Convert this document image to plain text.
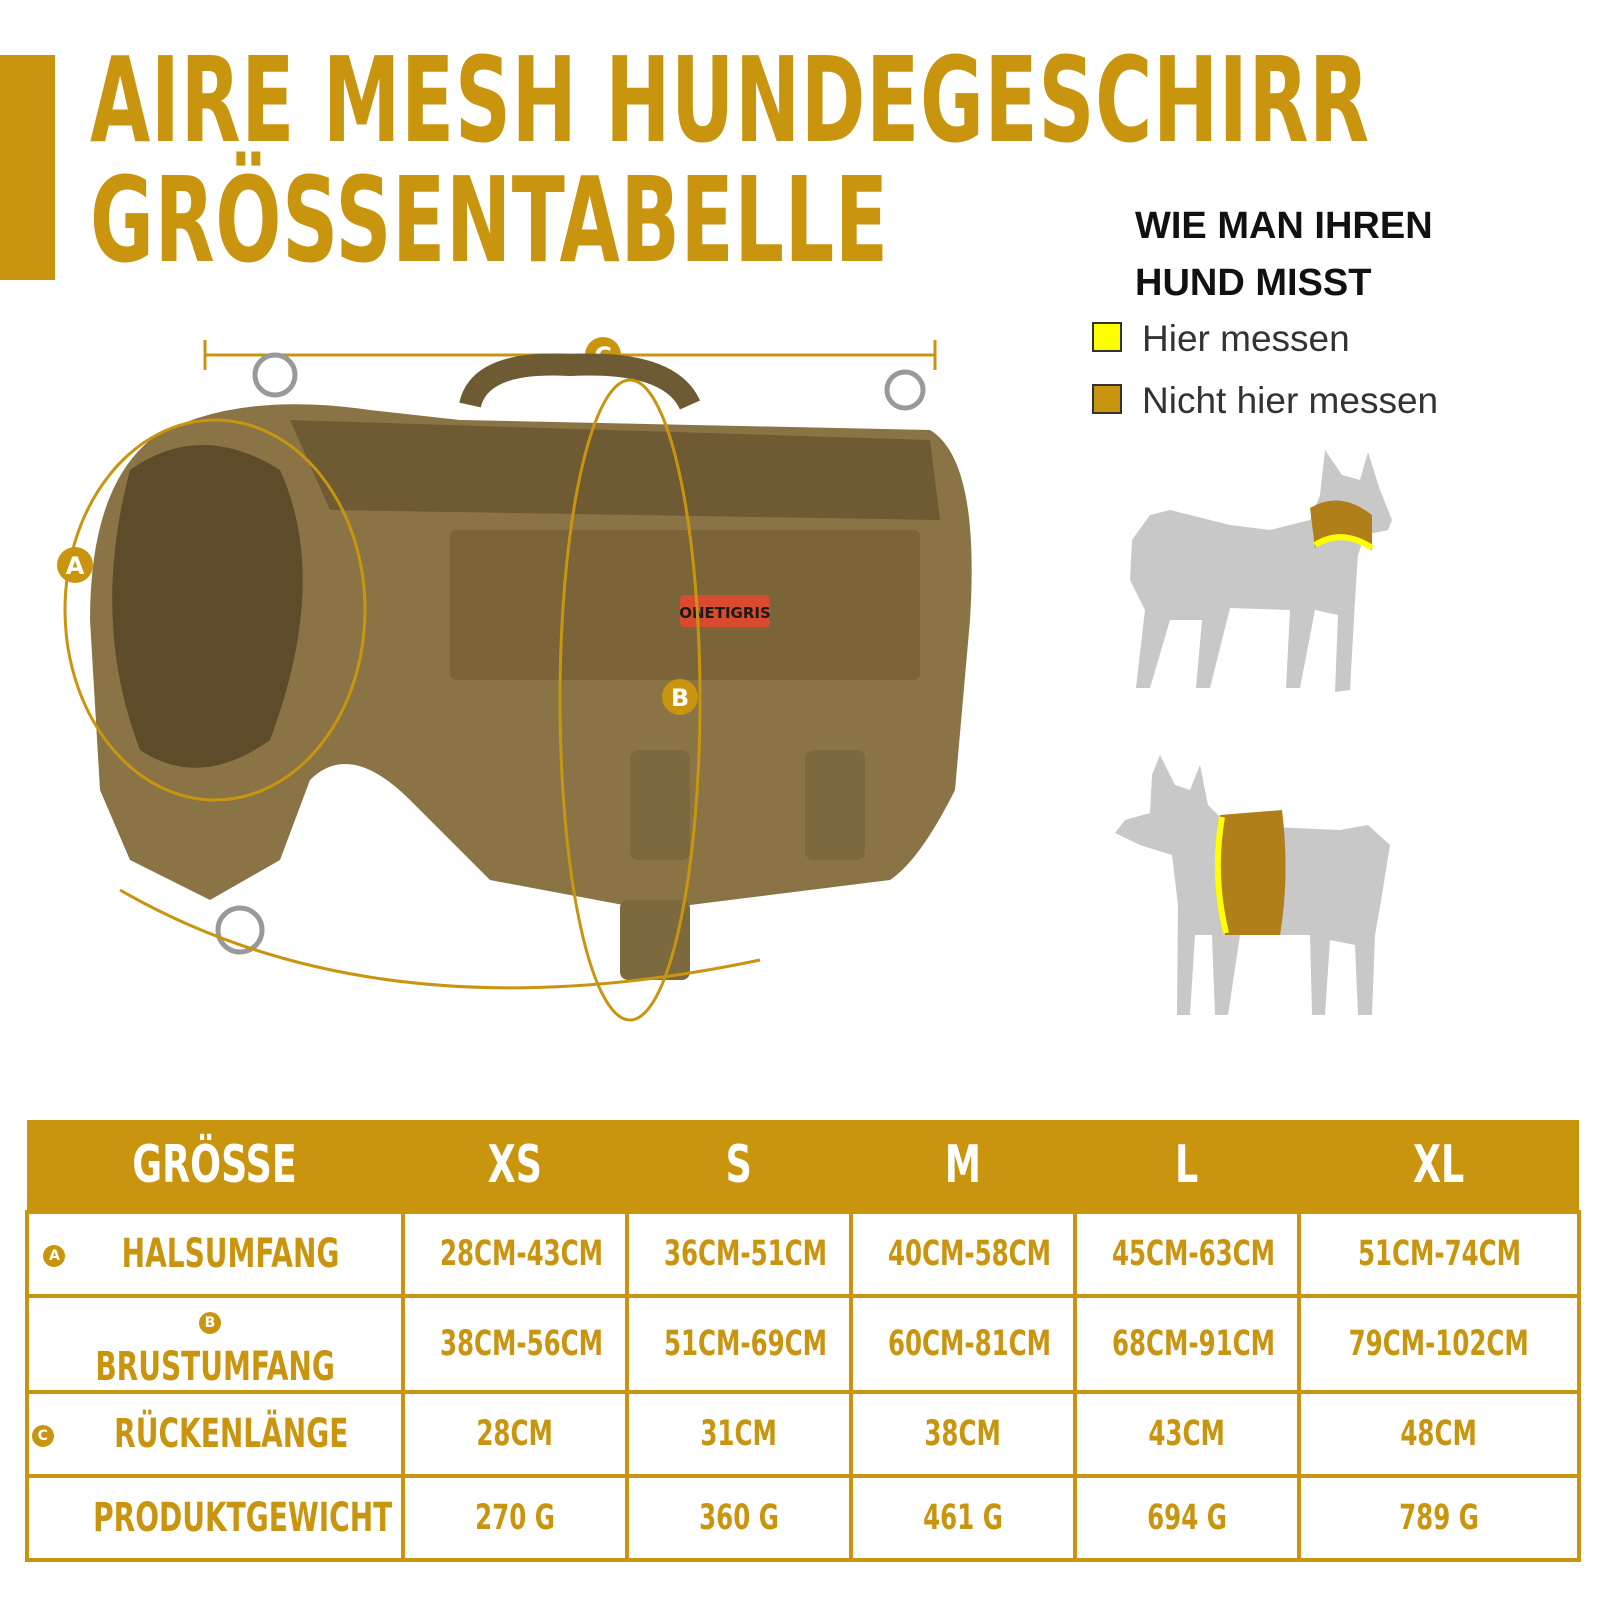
AIRE MESH HUNDEGESCHIRR
GRÖSSENTABELLE	WIE MAN IHREN
HUND MISST
Hier messen
Nicht hier messen
C
ONETIGRIS
A
B
GRÖSSE	XS	S	M	L	XL
A HALSUMFANG	28CM-43CM	36CM-51CM	40CM-58CM	45CM-63CM	51CM-74CM
BBRUSTUMFANG	38CM-56CM	51CM-69CM	60CM-81CM	68CM-91CM	79CM-102CM
C RÜCKENLÄNGE	28CM	31CM	38CM	43CM	48CM
PRODUKTGEWICHT	270 G	360 G	461 G	694 G	789 G
